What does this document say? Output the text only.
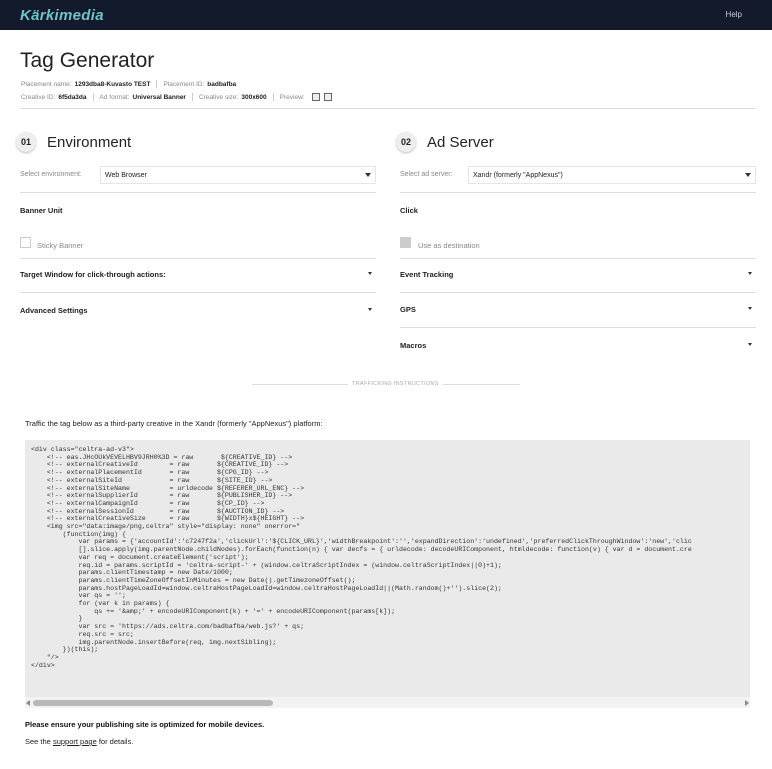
Kärkimedia	Help
Tag Generator
Placement name: 1293dba8-Kuvasto TEST Placement ID: badbafba
Creative ID: 6f5da3da Ad format: Universal Banner Creative size: 300x600 Preview:
01	Environment
Select environment:	Web Browser
Banner Unit
Sticky Banner
Target Window for click-through actions:
Advanced Settings
02	Ad Server
Select ad server:	Xandr (formerly "AppNexus")
Click
Use as destination
Event Tracking
GPS
Macros
TRAFFICKING INSTRUCTIONS
Traffic the tag below as a third-party creative in the Xandr (formerly "AppNexus") platform:
<div class="celtra-ad-v3">
<!-- eas.JHcOUkVEVELHBV9JRH0%3D = raw       ${CREATIVE_ID} -->
<!-- externalCreativeId        = raw       ${CREATIVE_ID} -->
<!-- externalPlacementId       = raw       ${CPG_ID} -->
<!-- externalSiteId            = raw       ${SITE_ID} -->
<!-- externalSiteName          = urldecode ${REFERER_URL_ENC} -->
<!-- externalSupplierId        = raw       ${PUBLISHER_ID} -->
<!-- externalCampaignId        = raw       ${CP_ID} -->
<!-- externalSessionId         = raw       ${AUCTION_ID} -->
<!-- externalCreativeSize      = raw       ${WIDTH}x${HEIGHT} -->
<img src="data:image/png,celtra" style="display: none" onerror="
(function(img) {
var params = {'accountId':'c7247f2a','clickUrl':'${CLICK_URL}','widthBreakpoint':'','expandDirection':'undefined','preferredClickThroughWindow':'new','clic
[].slice.apply(img.parentNode.childNodes).forEach(function(n) { var decfs = { urldecode: decodeURIComponent, htmldecode: function(v) { var d = document.cre
var req = document.createElement('script');
req.id = params.scriptId = 'celtra-script-' + (window.celtraScriptIndex = (window.celtraScriptIndex||0)+1);
params.clientTimestamp = new Date/1000;
params.clientTimeZoneOffsetInMinutes = new Date().getTimezoneOffset();
params.hostPageLoadId=window.celtraHostPageLoadId=window.celtraHostPageLoadId||(Math.random()+'').slice(2);
var qs = '';
for (var k in params) {
qs += '&amp;' + encodeURIComponent(k) + '=' + encodeURIComponent(params[k]);
}
var src = 'https://ads.celtra.com/badbafba/web.js?' + qs;
req.src = src;
img.parentNode.insertBefore(req, img.nextSibling);
})(this);
"/>
</div>
Please ensure your publishing site is optimized for mobile devices.
See the support page for details.
